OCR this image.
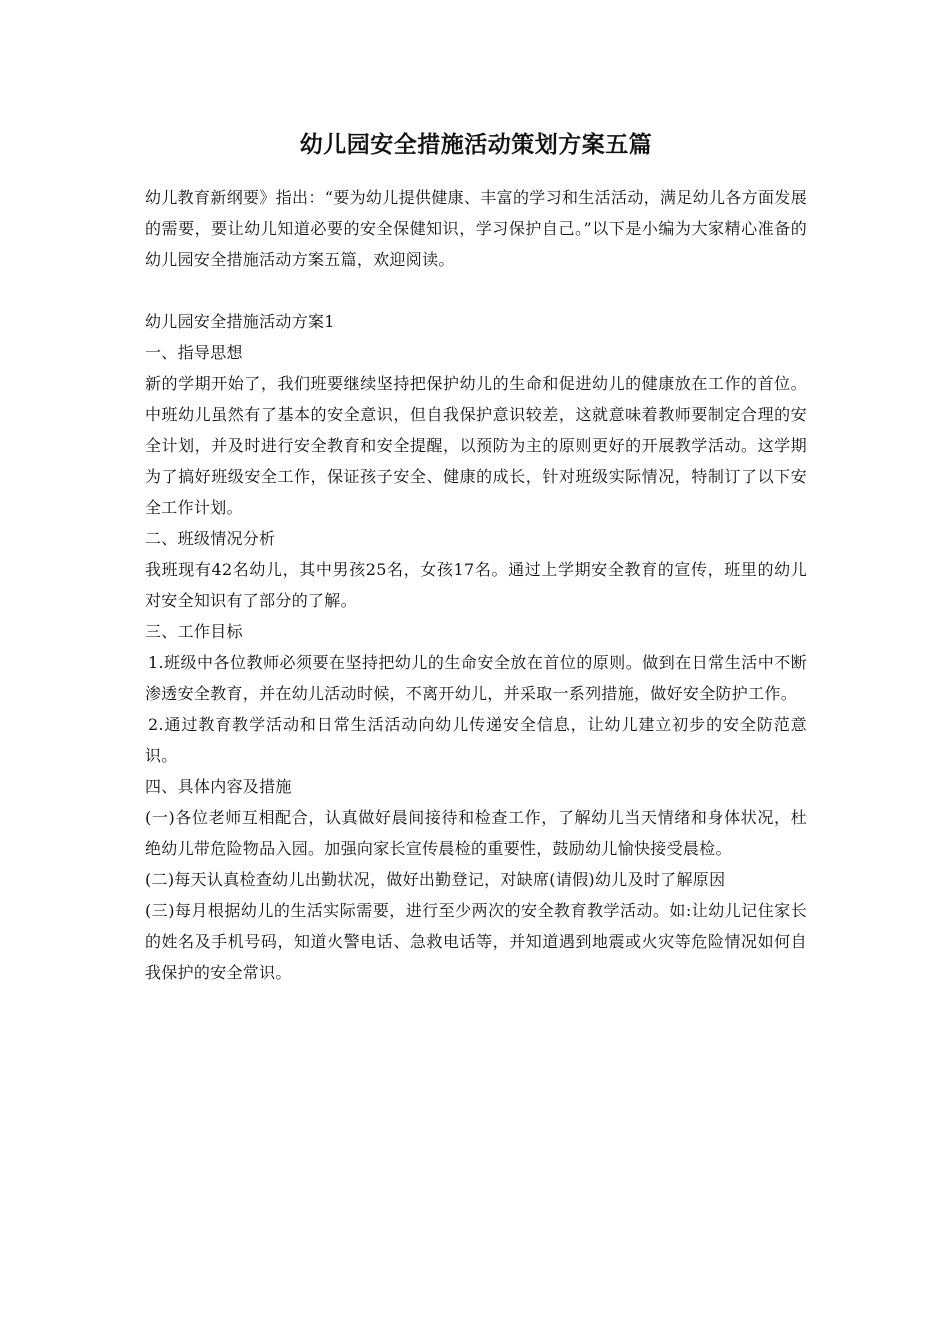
幼儿园安全措施活动策划方案五篇

幼儿教育新纲要》指出：“要为幼儿提供健康、丰富的学习和生活活动，满足幼儿各方面发展的需要，要让幼儿知道必要的安全保健知识，学习保护自己。”以下是小编为大家精心准备的幼儿园安全措施活动方案五篇，欢迎阅读。

幼儿园安全措施活动方案1

一、指导思想

新的学期开始了，我们班要继续坚持把保护幼儿的生命和促进幼儿的健康放在工作的首位。中班幼儿虽然有了基本的安全意识，但自我保护意识较差，这就意味着教师要制定合理的安全计划，并及时进行安全教育和安全提醒，以预防为主的原则更好的开展教学活动。这学期为了搞好班级安全工作，保证孩子安全、健康的成长，针对班级实际情况，特制订了以下安全工作计划。

二、班级情况分析

我班现有42名幼儿，其中男孩25名，女孩17名。通过上学期安全教育的宣传，班里的幼儿对安全知识有了部分的了解。

三、工作目标

1.班级中各位教师必须要在坚持把幼儿的生命安全放在首位的原则。做到在日常生活中不断渗透安全教育，并在幼儿活动时候，不离开幼儿，并采取一系列措施，做好安全防护工作。

2.通过教育教学活动和日常生活活动向幼儿传递安全信息，让幼儿建立初步的安全防范意识。

四、具体内容及措施

(一)各位老师互相配合，认真做好晨间接待和检查工作，了解幼儿当天情绪和身体状况，杜绝幼儿带危险物品入园。加强向家长宣传晨检的重要性，鼓励幼儿愉快接受晨检。

(二)每天认真检查幼儿出勤状况，做好出勤登记，对缺席(请假)幼儿及时了解原因

(三)每月根据幼儿的生活实际需要，进行至少两次的安全教育教学活动。如:让幼儿记住家长的姓名及手机号码，知道火警电话、急救电话等，并知道遇到地震或火灾等危险情况如何自我保护的安全常识。
